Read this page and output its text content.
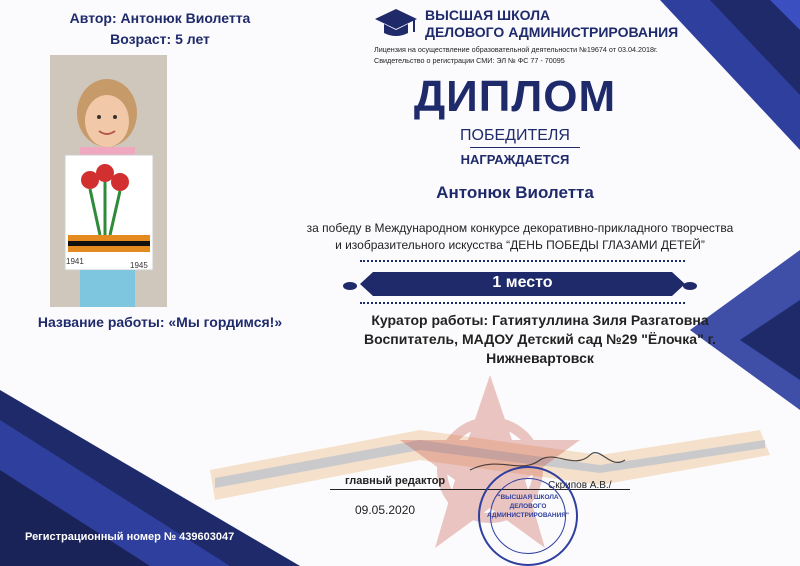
Автор: Антонюк Виолетта

Возраст: 5 лет

1941	1945

Название работы: «Мы гордимся!»

Регистрационный номер № 439603047

ВЫСШАЯ ШКОЛА

ДЕЛОВОГО АДМИНИСТРИРОВАНИЯ

Лицензия на осуществление образовательной деятельности №19674 от 03.04.2018г.

Свидетельство о регистрации СМИ: ЭЛ № ФС 77 - 70095

ДИПЛОМ

ПОБЕДИТЕЛЯ

НАГРАЖДАЕТСЯ

Антонюк Виолетта

за победу в Международном конкурсе декоративно-прикладного творчества

и изобразительного искусства “ДЕНЬ ПОБЕДЫ ГЛАЗАМИ ДЕТЕЙ”

1 место

Куратор работы: Гатиятуллина Зиля Разгатовна

Воспитатель, МАДОУ Детский сад №29 "Ёлочка" г.

Нижневартовск

главный редактор

09.05.2020

Скрипов А.В./

"ВЫСШАЯ ШКОЛА

ДЕЛОВОГО

АДМИНИСТРИРОВАНИЯ"
